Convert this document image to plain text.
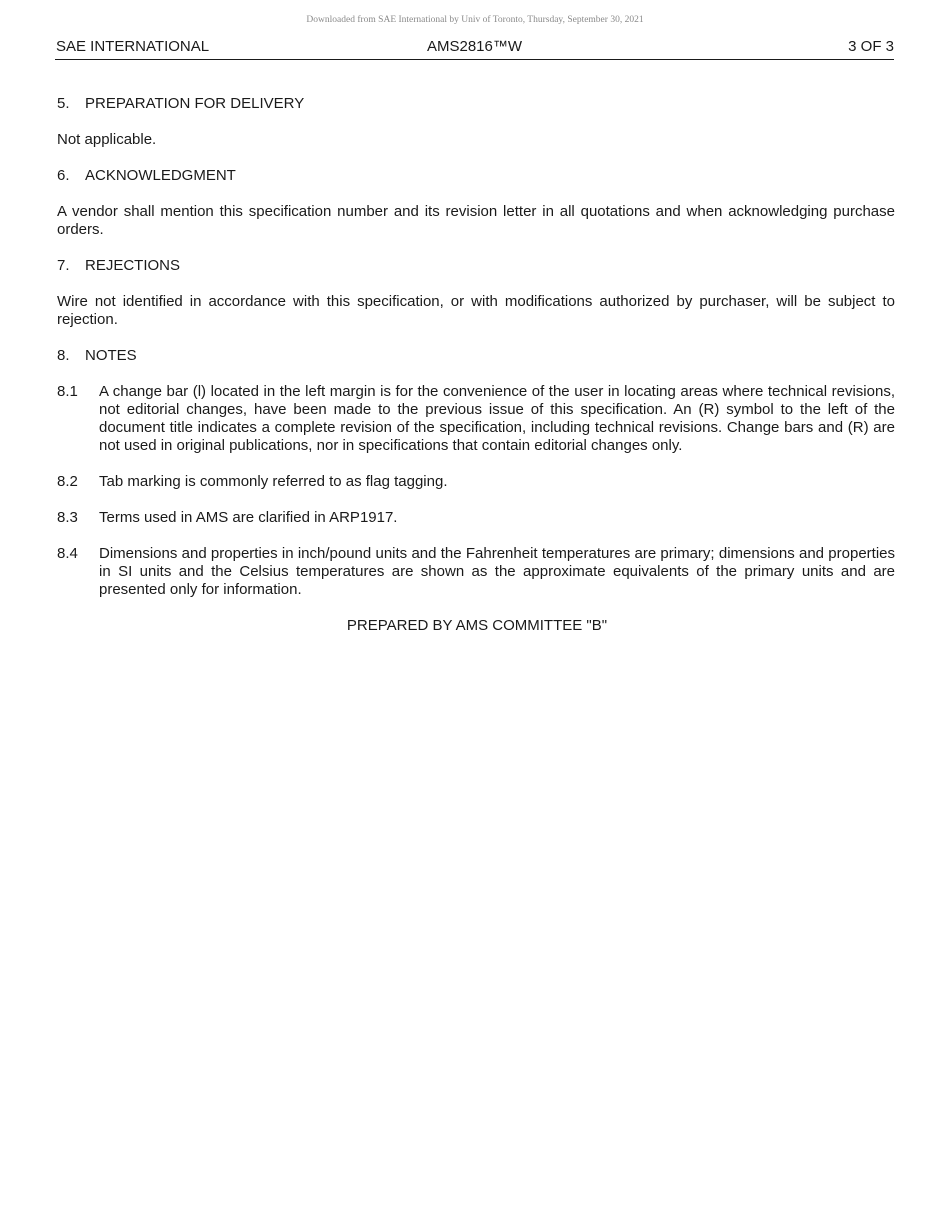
Downloaded from SAE International by Univ of Toronto, Thursday, September 30, 2021
SAE INTERNATIONAL	AMS2816™W	3 OF 3

5. PREPARATION FOR DELIVERY

Not applicable.

6. ACKNOWLEDGMENT

A vendor shall mention this specification number and its revision letter in all quotations and when acknowledging purchase orders.

7. REJECTIONS

Wire not identified in accordance with this specification, or with modifications authorized by purchaser, will be subject to rejection.

8. NOTES

8.1	A change bar (l) located in the left margin is for the convenience of the user in locating areas where technical revisions, not editorial changes, have been made to the previous issue of this specification. An (R) symbol to the left of the document title indicates a complete revision of the specification, including technical revisions. Change bars and (R) are not used in original publications, nor in specifications that contain editorial changes only.
8.2	Tab marking is commonly referred to as flag tagging.
8.3	Terms used in AMS are clarified in ARP1917.
8.4	Dimensions and properties in inch/pound units and the Fahrenheit temperatures are primary; dimensions and properties in SI units and the Celsius temperatures are shown as the approximate equivalents of the primary units and are presented only for information.

PREPARED BY AMS COMMITTEE "B"
